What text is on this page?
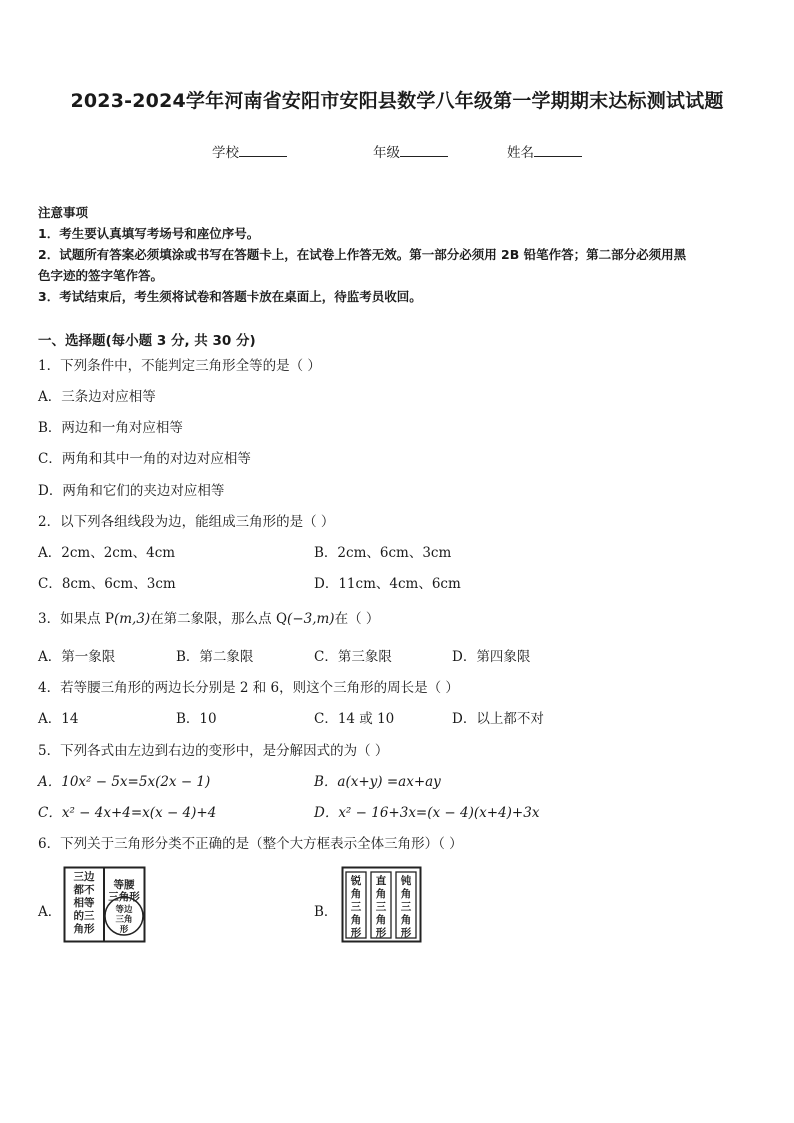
2023-2024学年河南省安阳市安阳县数学八年级第一学期期末达标测试试题
学校	年级	姓名
注意事项
1．考生要认真填写考场号和座位序号。
2．试题所有答案必须填涂或书写在答题卡上，在试卷上作答无效。第一部分必须用 2B 铅笔作答；第二部分必须用黑
色字迹的签字笔作答。
3．考试结束后，考生须将试卷和答题卡放在桌面上，待监考员收回。
一、选择题(每小题 3 分, 共 30 分)
1．下列条件中，不能判定三角形全等的是（ ）
A．三条边对应相等
B．两边和一角对应相等
C．两角和其中一角的对边对应相等
D．两角和它们的夹边对应相等
2．以下列各组线段为边，能组成三角形的是（ ）
A．2cm、2cm、4cm	B．2cm、6cm、3cm
C．8cm、6cm、3cm	D．11cm、4cm、6cm
3．如果点 P(m,3)在第二象限，那么点 Q(−3,m)在（ ）
A．第一象限	B．第二象限	C．第三象限	D．第四象限
4．若等腰三角形的两边长分别是 2 和 6，则这个三角形的周长是（ ）
A．14	B．10	C．14 或 10	D．以上都不对
5．下列各式由左边到右边的变形中，是分解因式的为（ ）
A．10x² − 5x=5x(2x − 1)	B．a(x+y) =ax+ay
C．x² − 4x+4=x(x − 4)+4	D．x² − 16+3x=(x − 4)(x+4)+3x
6．下列关于三角形分类不正确的是（整个大方框表示全体三角形）（ ）
A．	B．
三边
都不
相等
的三
角形
等腰
三角形
等边
三角
形
锐
角
三
角
形
直
角
三
角
形
钝
角
三
角
形
